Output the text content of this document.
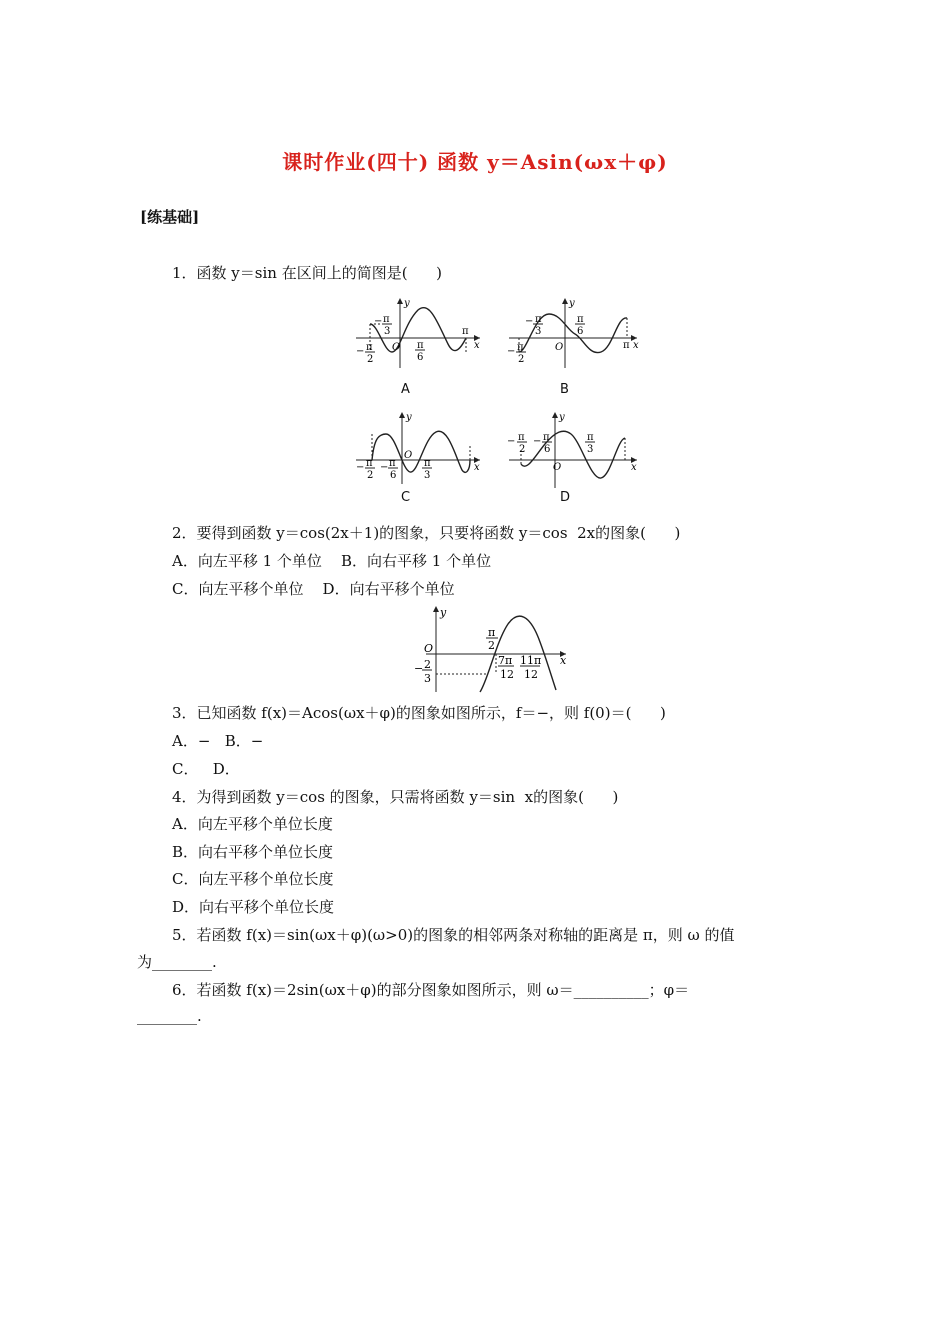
课时作业(四十) 函数 y＝Asin(ωx＋φ)
[练基础]
1．函数 y＝sin 在区间上的简图是(      )
y
x
O
− π
2
− π
3
π
6
π
A
y
x
O
− π
2
− π
3
π
6
π
B
y
x
O
− π
2
− π
6
π
3
C
y
x
O
− π
2
− π
6
π
3
D
2．要得到函数 y＝cos(2x＋1)的图象，只要将函数 y＝cos  2x的图象(      )
A．向左平移 1 个单位    B．向右平移 1 个单位
C．向左平移个单位    D．向右平移个单位
y
x
O
π
2
− 2
3
7π
12
11π
12
3．已知函数 f(x)＝Acos(ωx＋φ)的图象如图所示，f＝−，则 f(0)＝(      )
A．−   B．−
C．   D．
4．为得到函数 y＝cos 的图象，只需将函数 y＝sin  x的图象(      )
A．向左平移个单位长度
B．向右平移个单位长度
C．向左平移个单位长度
D．向右平移个单位长度
5．若函数 f(x)＝sin(ωx＋φ)(ω>0)的图象的相邻两条对称轴的距离是 π，则 ω 的值
为________.
6．若函数 f(x)＝2sin(ωx＋φ)的部分图象如图所示，则 ω＝__________；φ＝
________.
